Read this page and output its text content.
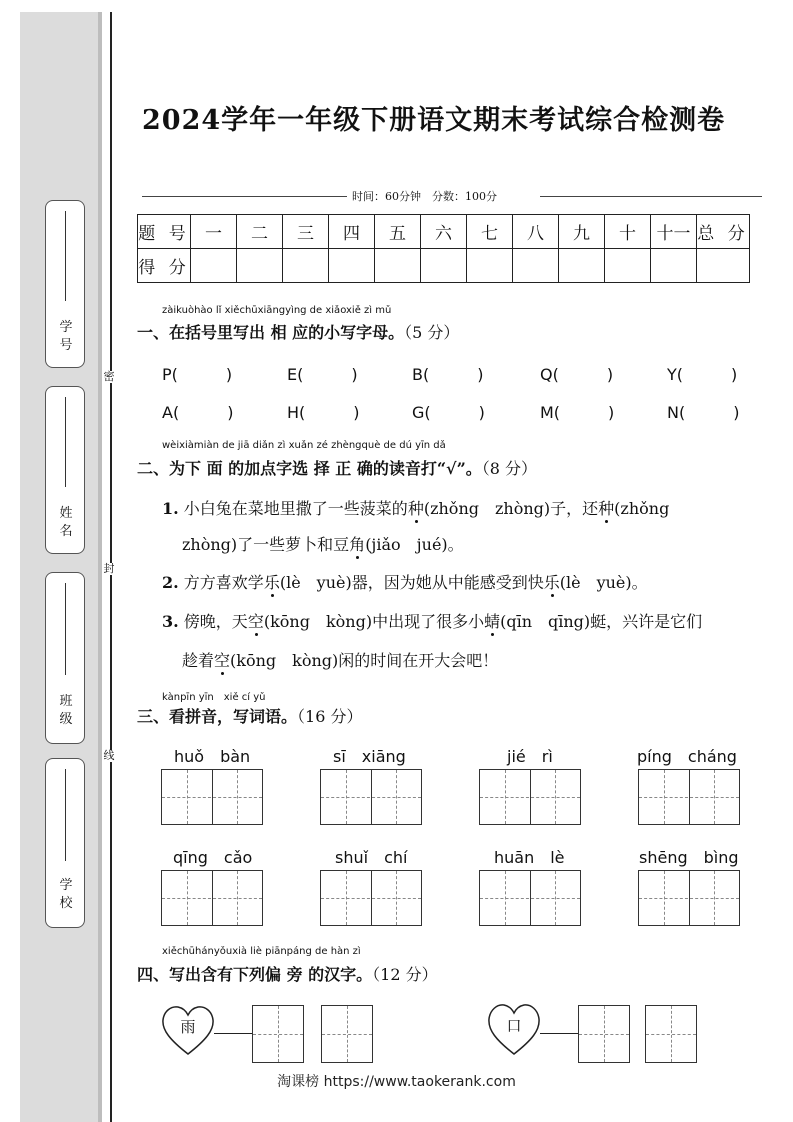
学 号
姓 名
班 级
学 校
密
封
线
2024学年一年级下册语文期末考试综合检测卷
时间：60分钟　分数：100分
题 号	一	二	三	四	五	六	七	八	九	十	十一	总 分
得 分												
zàikuòhào lǐ xiěchūxiāngyìng de xiǎoxiě zì mǔ
一、在括号里写出 相 应的小写字母。（5 分）
P(　　　)	E(　　　)	B(　　　)	Q(　　　)	Y(　　　)
A(　　　)	H(　　　)	G(　　　)	M(　　　)	N(　　　)
wèixiàmiàn de jiā diǎn zì xuǎn zé zhèngquè de dú yīn dǎ
二、为下 面 的加点字选 择 正 确的读音打“√”。（8 分）
1. 小白兔在菜地里撒了一些菠菜的种(zhǒng　zhòng)子，还种(zhǒng
zhòng)了一些萝卜和豆角(jiǎo　jué)。
2. 方方喜欢学乐(lè　yuè)器，因为她从中能感受到快乐(lè　yuè)。
3. 傍晚，天空(kōng　kòng)中出现了很多小蜻(qīn　qīng)蜓，兴许是它们
趁着空(kōng　kòng)闲的时间在开大会吧！
kànpīn yīn　xiě cí yǔ
三、看拼音，写词语。（16 分）
huǒ　bàn	sī　xiāng	jié　rì	píng　cháng
qīng　cǎo	shuǐ　chí	huān　lè	shēng　bìng
xiěchūhányǒuxià liè piānpáng de hàn zì
四、写出含有下列偏 旁 的汉字。（12 分）
雨	口
淘课榜 https://www.taokerank.com
